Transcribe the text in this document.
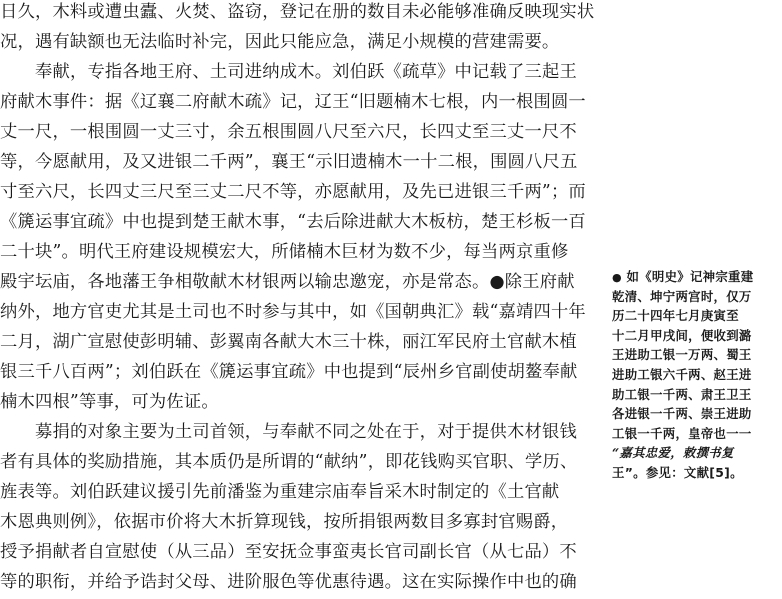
日久，木料或遭虫蠹、火焚、盗窃，登记在册的数目未必能够准确反映现实状
况，遇有缺额也无法临时补完，因此只能应急，满足小规模的营建需要。
奉献，专指各地王府、土司进纳成木。刘伯跃《疏草》中记载了三起王
府献木事件：据《辽襄二府献木疏》记，辽王“旧题楠木七根，内一根围圆一
丈一尺，一根围圆一丈三寸，余五根围圆八尺至六尺，长四丈至三丈一尺不
等，今愿献用，及又进银二千两”，襄王“示旧遗楠木一十二根，围圆八尺五
寸至六尺，长四丈三尺至三丈二尺不等，亦愿献用，及先已进银三千两”；而
《篪运事宜疏》中也提到楚王献木事，“去后除进献大木板枋，楚王杉板一百
二十块”。明代王府建设规模宏大，所储楠木巨材为数不少，每当两京重修
殿宇坛庙，各地藩王争相敬献木材银两以输忠邀宠，亦是常态。●除王府献
纳外，地方官吏尤其是土司也不时参与其中，如《国朝典汇》载“嘉靖四十年
二月，湖广宣慰使彭明辅、彭翼南各献大木三十株，丽江军民府土官献木植
银三千八百两”；刘伯跃在《篪运事宜疏》中也提到“辰州乡官副使胡鳌奉献
楠木四根”等事，可为佐证。
募捐的对象主要为土司首领，与奉献不同之处在于，对于提供木材银钱
者有具体的奖励措施，其本质仍是所谓的“献纳”，即花钱购买官职、学历、
旌表等。刘伯跃建议援引先前潘鉴为重建宗庙奉旨采木时制定的《土官献
木恩典则例》，依据市价将大木折算现钱，按所捐银两数目多寡封官赐爵，
授予捐献者自宣慰使（从三品）至安抚佥事蛮夷长官司副长官（从七品）不
等的职衔，并给予诰封父母、进阶服色等优惠待遇。这在实际操作中也的确
● 如《明史》记神宗重建
乾清、坤宁两宫时，仅万
历二十四年七月庚寅至
十二月甲戌间，便收到潞
王进助工银一万两、蜀王
进助工银六千两、赵王进
助工银一千两、肃王卫王
各进银一千两、崇王进助
工银一千两，皇帝也一一
“嘉其忠爱，敕撰书复
王”。参见：文献[5]。
